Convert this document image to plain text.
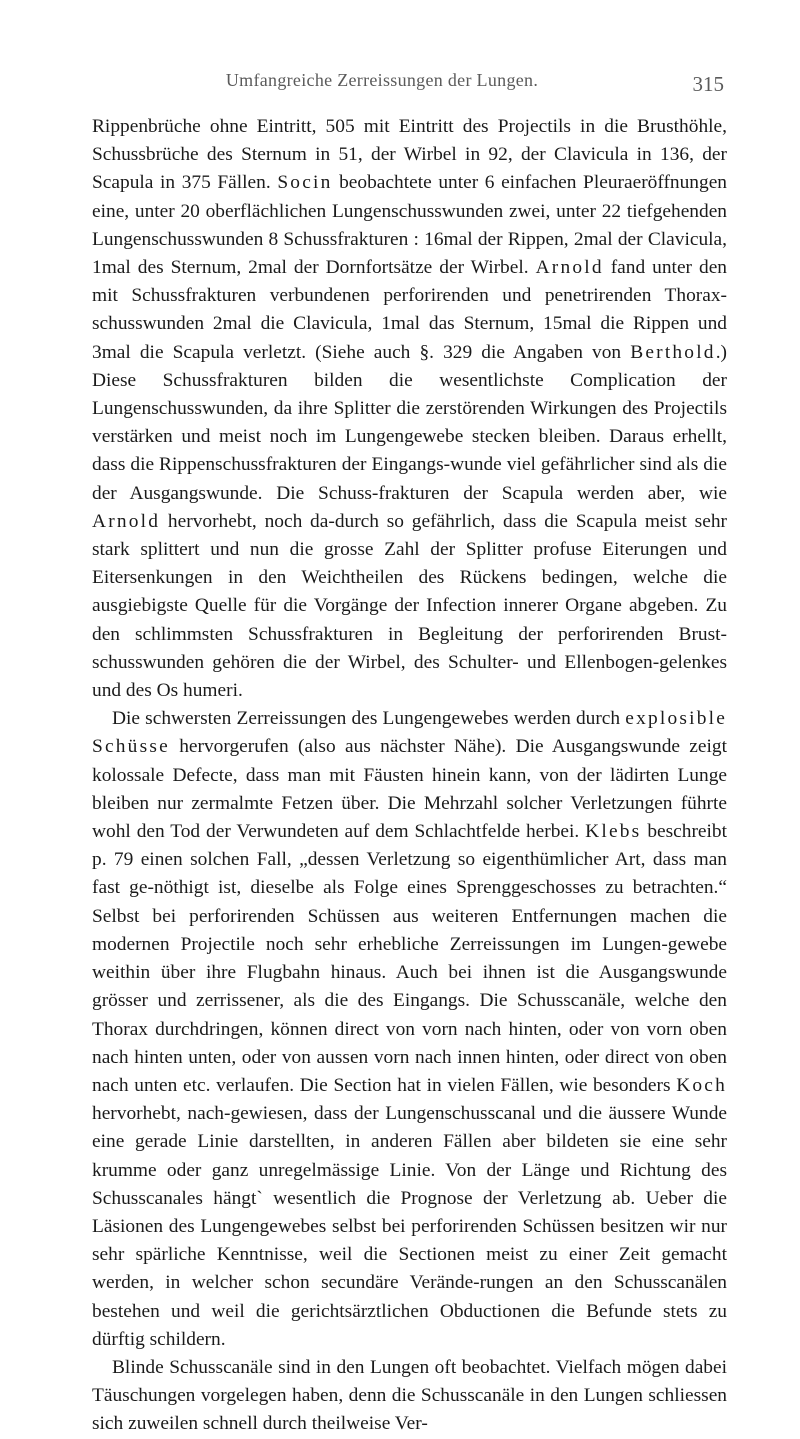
Umfangreiche Zerreissungen der Lungen.	315

Rippenbrüche ohne Eintritt, 505 mit Eintritt des Projectils in die Brusthöhle, Schussbrüche des Sternum in 51, der Wirbel in 92, der Clavicula in 136, der Scapula in 375 Fällen. Socin beobachtete unter 6 einfachen Pleuraeröffnungen eine, unter 20 oberflächlichen Lungenschusswunden zwei, unter 22 tiefgehenden Lungenschusswunden 8 Schussfrakturen : 16mal der Rippen, 2mal der Clavicula, 1mal des Sternum, 2mal der Dornfortsätze der Wirbel. Arnold fand unter den mit Schussfrakturen verbundenen perforirenden und penetrirenden Thorax-schusswunden 2mal die Clavicula, 1mal das Sternum, 15mal die Rippen und 3mal die Scapula verletzt. (Siehe auch §. 329 die Angaben von Berthold.) Diese Schussfrakturen bilden die wesentlichste Complication der Lungenschusswunden, da ihre Splitter die zerstörenden Wirkungen des Projectils verstärken und meist noch im Lungengewebe stecken bleiben. Daraus erhellt, dass die Rippenschussfrakturen der Eingangs-wunde viel gefährlicher sind als die der Ausgangswunde. Die Schuss-frakturen der Scapula werden aber, wie Arnold hervorhebt, noch da-durch so gefährlich, dass die Scapula meist sehr stark splittert und nun die grosse Zahl der Splitter profuse Eiterungen und Eitersenkungen in den Weichtheilen des Rückens bedingen, welche die ausgiebigste Quelle für die Vorgänge der Infection innerer Organe abgeben. Zu den schlimmsten Schussfrakturen in Begleitung der perforirenden Brust-schusswunden gehören die der Wirbel, des Schulter- und Ellenbogen-gelenkes und des Os humeri.

Die schwersten Zerreissungen des Lungengewebes werden durch explosible Schüsse hervorgerufen (also aus nächster Nähe). Die Ausgangswunde zeigt kolossale Defecte, dass man mit Fäusten hinein kann, von der lädirten Lunge bleiben nur zermalmte Fetzen über. Die Mehrzahl solcher Verletzungen führte wohl den Tod der Verwundeten auf dem Schlachtfelde herbei. Klebs beschreibt p. 79 einen solchen Fall, „dessen Verletzung so eigenthümlicher Art, dass man fast ge-nöthigt ist, dieselbe als Folge eines Sprenggeschosses zu betrachten.“ Selbst bei perforirenden Schüssen aus weiteren Entfernungen machen die modernen Projectile noch sehr erhebliche Zerreissungen im Lungen-gewebe weithin über ihre Flugbahn hinaus. Auch bei ihnen ist die Ausgangswunde grösser und zerrissener, als die des Eingangs. Die Schusscanäle, welche den Thorax durchdringen, können direct von vorn nach hinten, oder von vorn oben nach hinten unten, oder von aussen vorn nach innen hinten, oder direct von oben nach unten etc. verlaufen. Die Section hat in vielen Fällen, wie besonders Koch hervorhebt, nach-gewiesen, dass der Lungenschusscanal und die äussere Wunde eine gerade Linie darstellten, in anderen Fällen aber bildeten sie eine sehr krumme oder ganz unregelmässige Linie. Von der Länge und Richtung des Schusscanales hängt` wesentlich die Prognose der Verletzung ab. Ueber die Läsionen des Lungengewebes selbst bei perforirenden Schüssen besitzen wir nur sehr spärliche Kenntnisse, weil die Sectionen meist zu einer Zeit gemacht werden, in welcher schon secundäre Verände-rungen an den Schusscanälen bestehen und weil die gerichtsärztlichen Obductionen die Befunde stets zu dürftig schildern.

Blinde Schusscanäle sind in den Lungen oft beobachtet. Vielfach mögen dabei Täuschungen vorgelegen haben, denn die Schusscanäle in den Lungen schliessen sich zuweilen schnell durch theilweise Ver-
